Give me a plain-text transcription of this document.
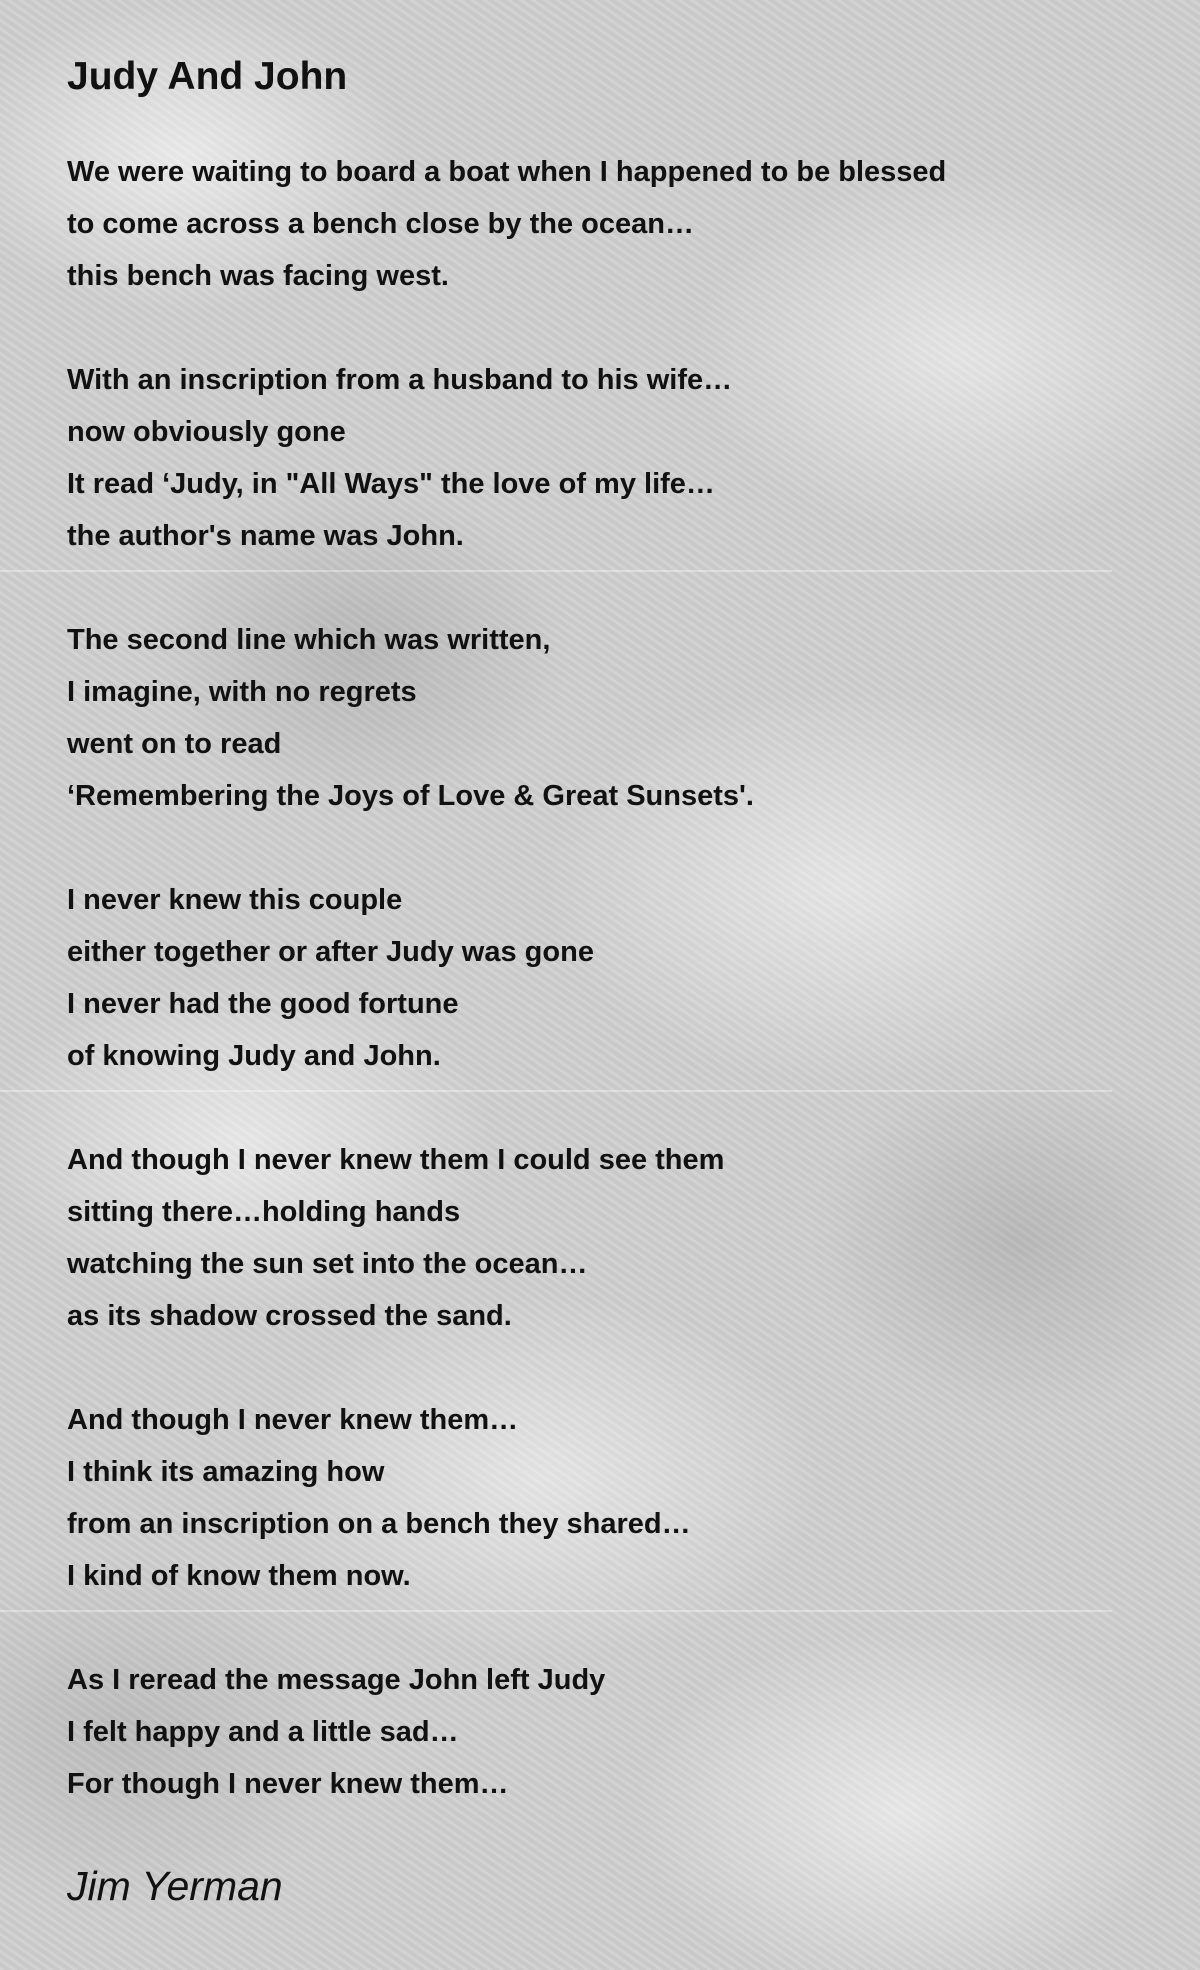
Judy And John
We were waiting to board a boat when I happened to be blessed
to come across a bench close by the ocean…
this bench was facing west.
With an inscription from a husband to his wife…
now obviously gone
It read ‘Judy, in "All Ways" the love of my life…
the author's name was John.
The second line which was written,
I imagine, with no regrets
went on to read
‘Remembering the Joys of Love & Great Sunsets'.
I never knew this couple
either together or after Judy was gone
I never had the good fortune
of knowing Judy and John.
And though I never knew them I could see them
sitting there…holding hands
watching the sun set into the ocean…
as its shadow crossed the sand.
And though I never knew them…
I think its amazing how
from an inscription on a bench they shared…
I kind of know them now.
As I reread the message John left Judy
I felt happy and a little sad…
For though I never knew them…
Jim Yerman
